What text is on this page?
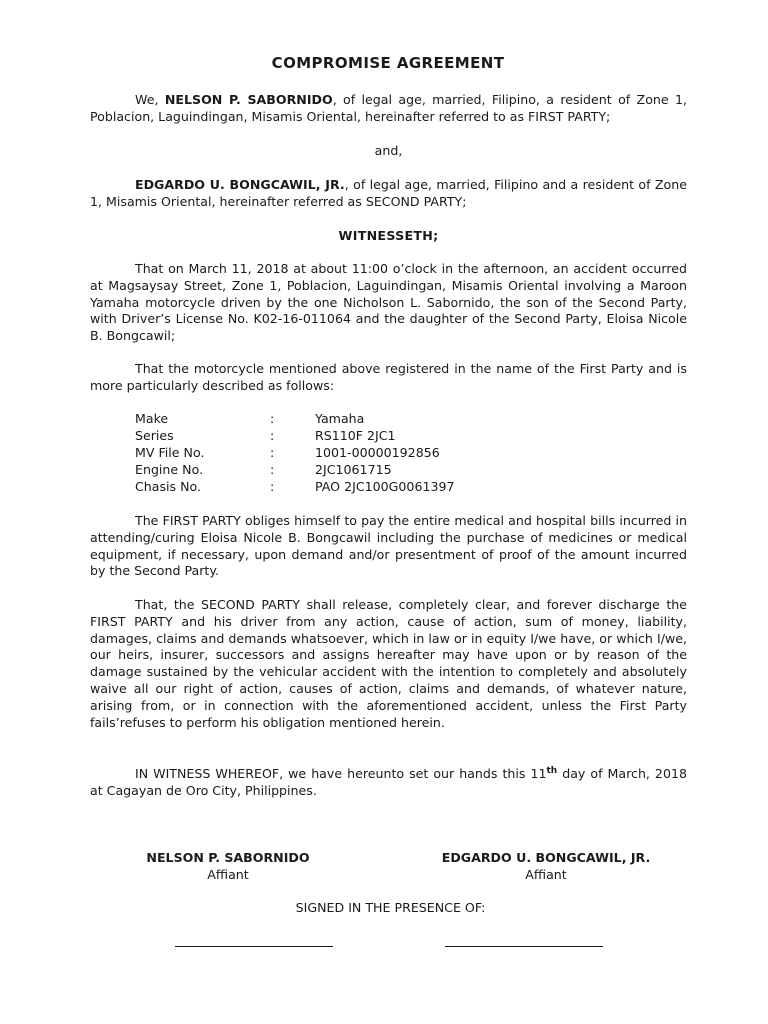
COMPROMISE AGREEMENT

We, NELSON P. SABORNIDO, of legal age, married, Filipino, a resident of Zone 1, Poblacion, Laguindingan, Misamis Oriental, hereinafter referred to as FIRST PARTY;

and,

EDGARDO U. BONGCAWIL, JR., of legal age, married, Filipino and a resident of Zone 1, Misamis Oriental, hereinafter referred as SECOND PARTY;

WITNESSETH;

That on March 11, 2018 at about 11:00 o’clock in the afternoon, an accident occurred at Magsaysay Street, Zone 1, Poblacion, Laguindingan, Misamis Oriental involving a Maroon Yamaha motorcycle driven by the one Nicholson L. Sabornido, the son of the Second Party, with Driver’s License No. K02-16-011064 and the daughter of the Second Party, Eloisa Nicole B. Bongcawil;

That the motorcycle mentioned above registered in the name of the First Party and is more particularly described as follows:

Make	:	Yamaha
Series	:	RS110F 2JC1
MV File No.	:	1001-00000192856
Engine No.	:	2JC1061715
Chasis No.	:	PAO 2JC100G0061397

The FIRST PARTY obliges himself to pay the entire medical and hospital bills incurred in attending/curing Eloisa Nicole B. Bongcawil including the purchase of medicines or medical equipment, if necessary, upon demand and/or presentment of proof of the amount incurred by the Second Party.

That, the SECOND PARTY shall release, completely clear, and forever discharge the FIRST PARTY and his driver from any action, cause of action, sum of money, liability, damages, claims and demands whatsoever, which in law or in equity I/we have, or which I/we, our heirs, insurer, successors and assigns hereafter may have upon or by reason of the damage sustained by the vehicular accident with the intention to completely and absolutely waive all our right of action, causes of action, claims and demands, of whatever nature, arising from, or in connection with the aforementioned accident, unless the First Party fails’refuses to perform his obligation mentioned herein.

IN WITNESS WHEREOF, we have hereunto set our hands this 11th day of March, 2018 at Cagayan de Oro City, Philippines.

NELSON P. SABORNIDO
Affiant
EDGARDO U. BONGCAWIL, JR.
Affiant

SIGNED IN THE PRESENCE OF:
